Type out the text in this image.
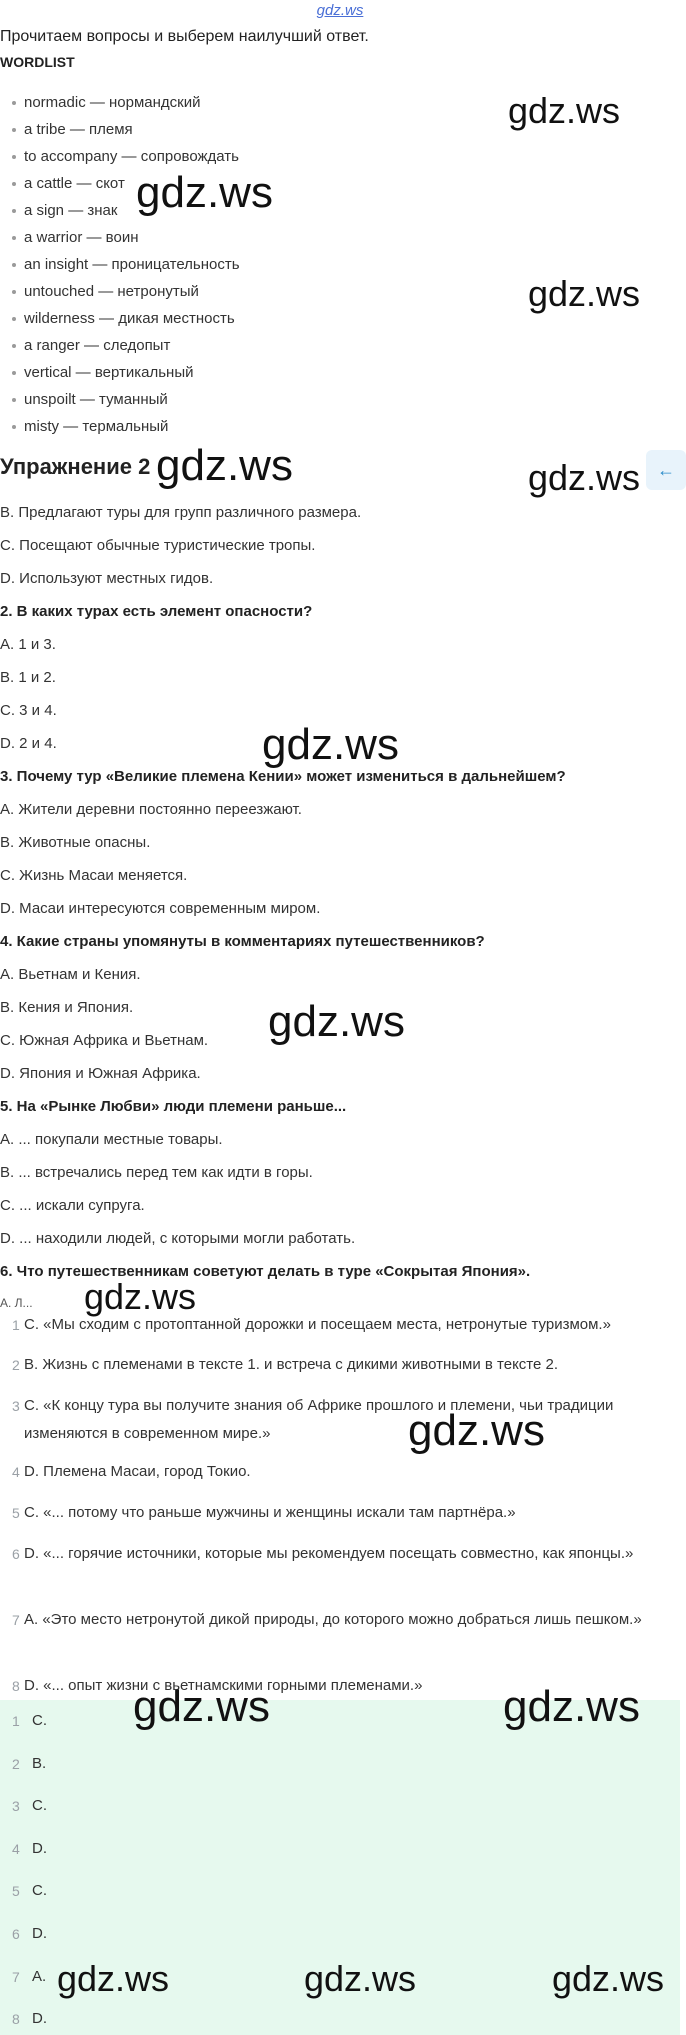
gdz.ws
Прочитаем вопросы и выберем наилучший ответ.
WORDLIST
normadic — нормандский
a tribe — племя
to accompany — сопровождать
a cattle — скот
a sign — знак
a warrior — воин
an insight — проницательность
untouched — нетронутый
wilderness — дикая местность
a ranger — следопыт
vertical — вертикальный
unspoilt — туманный
misty — термальный
Упражнение 2	←
B. Предлагают туры для групп различного размера.
C. Посещают обычные туристические тропы.
D. Используют местных гидов.
2. В каких турах есть элемент опасности?
A. 1 и 3.
B. 1 и 2.
C. 3 и 4.
D. 2 и 4.
3. Почему тур «Великие племена Кении» может измениться в дальнейшем?
A. Жители деревни постоянно переезжают.
B. Животные опасны.
C. Жизнь Масаи меняется.
D. Масаи интересуются современным миром.
4. Какие страны упомянуты в комментариях путешественников?
A. Вьетнам и Кения.
B. Кения и Япония.
C. Южная Африка и Вьетнам.
D. Япония и Южная Африка.
5. На «Рынке Любви» люди племени раньше...
A. ... покупали местные товары.
B. ... встречались перед тем как идти в горы.
C. ... искали супруга.
D. ... находили людей, с которыми могли работать.
6. Что путешественникам советуют делать в туре «Сокрытая Япония».
A. Л...
1 C. «Мы сходим с протоптанной дорожки и посещаем места, нетронутые туризмом.»
2 B. Жизнь с племенами в тексте 1. и встреча с дикими животными в тексте 2.
3 C. «К концу тура вы получите знания об Африке прошлого и племени, чьи традиции изменяются в современном мире.»
4 D. Племена Масаи, город Токио.
5 C. «... потому что раньше мужчины и женщины искали там партнёра.»
6 D. «... горячие источники, которые мы рекомендуем посещать совместно, как японцы.»
7 A. «Это место нетронутой дикой природы, до которого можно добраться лишь пешком.»
8 D. «... опыт жизни с вьетнамскими горными племенами.»
1 C.
2 B.
3 C.
4 D.
5 C.
6 D.
7 A.
8 D.
gdz.ws
gdz.ws
gdz.ws
gdz.ws	gdz.ws
gdz.ws
gdz.ws
gdz.ws
gdz.ws
gdz.ws	gdz.ws
gdz.ws	gdz.ws	gdz.ws
